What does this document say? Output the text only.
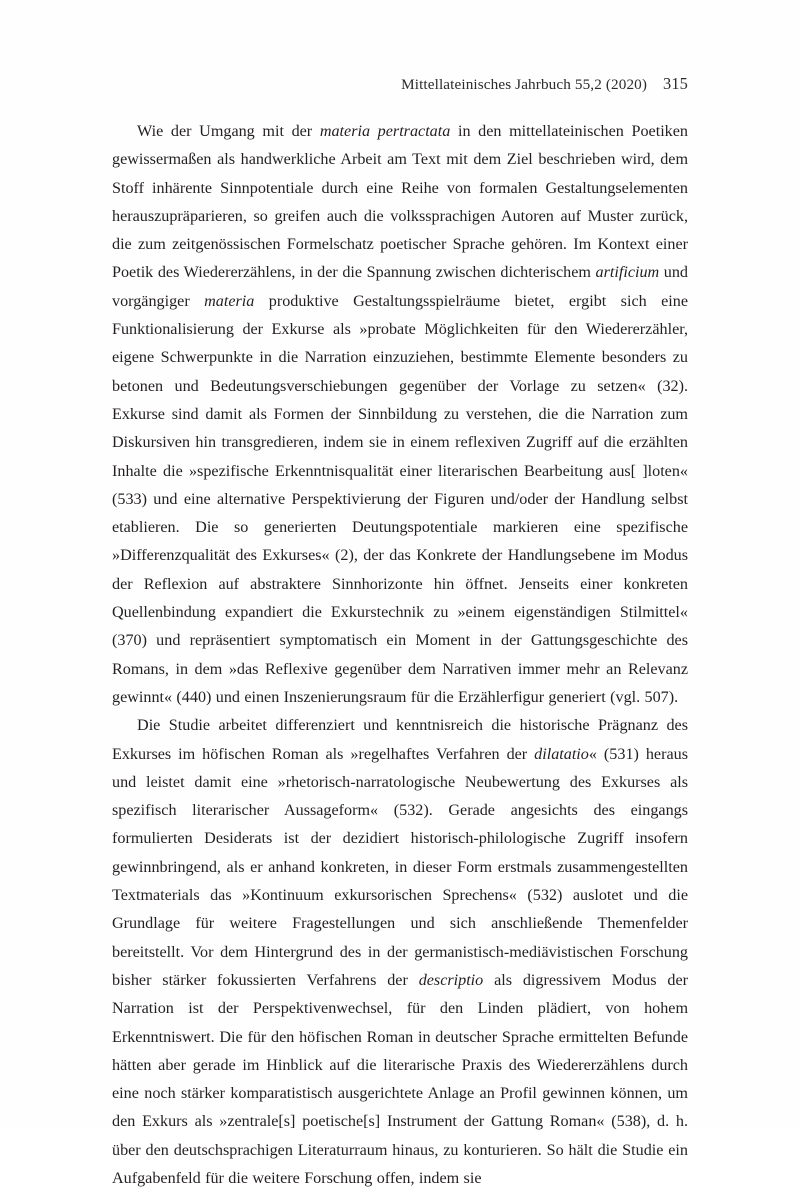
Mittellateinisches Jahrbuch 55,2 (2020) 315

Wie der Umgang mit der materia pertractata in den mittellateinischen Poetiken gewissermaßen als handwerkliche Arbeit am Text mit dem Ziel beschrieben wird, dem Stoff inhärente Sinnpotentiale durch eine Reihe von formalen Gestaltungselementen herauszupräparieren, so greifen auch die volkssprachigen Autoren auf Muster zurück, die zum zeitgenössischen Formelschatz poetischer Sprache gehören. Im Kontext einer Poetik des Wiedererzählens, in der die Spannung zwischen dichterischem artificium und vorgängiger materia produktive Gestaltungsspielräume bietet, ergibt sich eine Funktionalisierung der Exkurse als »probate Möglichkeiten für den Wiedererzähler, eigene Schwerpunkte in die Narration einzuziehen, bestimmte Elemente besonders zu betonen und Bedeutungsverschiebungen gegenüber der Vorlage zu setzen« (32). Exkurse sind damit als Formen der Sinnbildung zu verstehen, die die Narration zum Diskursiven hin transgredieren, indem sie in einem reflexiven Zugriff auf die erzählten Inhalte die »spezifische Erkenntnisqualität einer literarischen Bearbeitung aus[ ]loten« (533) und eine alternative Perspektivierung der Figuren und/oder der Handlung selbst etablieren. Die so generierten Deutungspotentiale markieren eine spezifische »Differenzqualität des Exkurses« (2), der das Konkrete der Handlungsebene im Modus der Reflexion auf abstraktere Sinnhorizonte hin öffnet. Jenseits einer konkreten Quellenbindung expandiert die Exkurstechnik zu »einem eigenständigen Stilmittel« (370) und repräsentiert symptomatisch ein Moment in der Gattungsgeschichte des Romans, in dem »das Reflexive gegenüber dem Narrativen immer mehr an Relevanz gewinnt« (440) und einen Inszenierungsraum für die Erzählerfigur generiert (vgl. 507).

Die Studie arbeitet differenziert und kenntnisreich die historische Prägnanz des Exkurses im höfischen Roman als »regelhaftes Verfahren der dilatatio« (531) heraus und leistet damit eine »rhetorisch-narratologische Neubewertung des Exkurses als spezifisch literarischer Aussageform« (532). Gerade angesichts des eingangs formulierten Desiderats ist der dezidiert historisch-philologische Zugriff insofern gewinnbringend, als er anhand konkreten, in dieser Form erstmals zusammengestellten Textmaterials das »Kontinuum exkursorischen Sprechens« (532) auslotet und die Grundlage für weitere Fragestellungen und sich anschließende Themenfelder bereitstellt. Vor dem Hintergrund des in der germanistisch-mediävistischen Forschung bisher stärker fokussierten Verfahrens der descriptio als digressivem Modus der Narration ist der Perspektivenwechsel, für den Linden plädiert, von hohem Erkenntniswert. Die für den höfischen Roman in deutscher Sprache ermittelten Befunde hätten aber gerade im Hinblick auf die literarische Praxis des Wiedererzählens durch eine noch stärker komparatistisch ausgerichtete Anlage an Profil gewinnen können, um den Exkurs als »zentrale[s] poetische[s] Instrument der Gattung Roman« (538), d. h. über den deutschsprachigen Literaturraum hinaus, zu konturieren. So hält die Studie ein Aufgabenfeld für die weitere Forschung offen, indem sie
